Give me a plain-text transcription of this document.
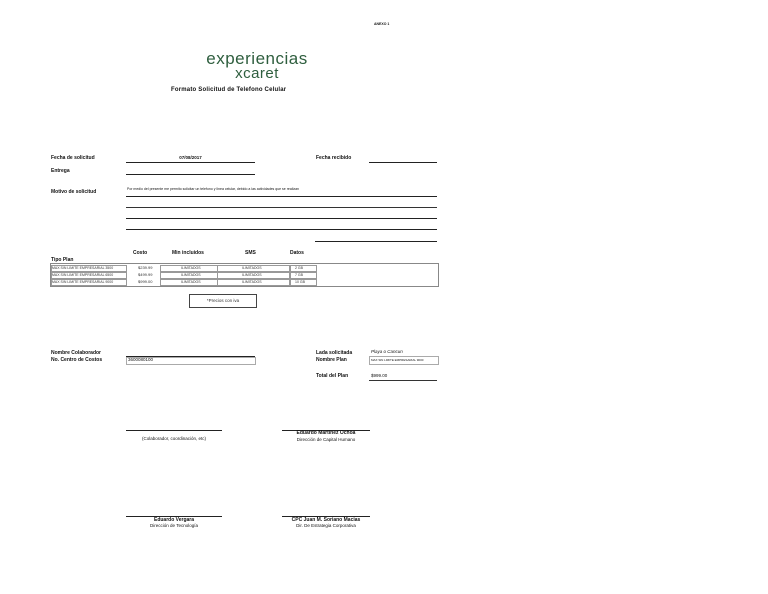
ANEXO 1
experiencias
xcaret
Formato Solicitud de Telefono Celular
Fecha de solicitud	07/08/2017	Fecha recibido
Entrega
Motivo de solicitud	Por medio del presente me permito solicitar un telefono y linea celular, debido a las actividades que se realizan
Costo	Min incluidos	SMS	Datos
Tipo Plan
MAX SIN LIMITE EMPRESARIAL 3500	$239.99	ILIMITADOS	ILIMITADOS	2 GB
MAX SIN LIMITE EMPRESARIAL 6500	$499.99	ILIMITADOS	ILIMITADOS	7 GB
MAX SIN LIMITE EMPRESARIAL 9000	$999.00	ILIMITADOS	ILIMITADOS	10 GB
*Precios con iva
Nombre Colaborador
No. Centro de Costos	3600080100
Lada solicitada	Playa o Cancun
Nombre Plan	MAX SIN LIMITE EMPRESARIAL 9000
Total del Plan	$999.00
(Colaborador, coordinación, etc)
Eduardo Martinez Ochoa
Dirección de Capital Humano
Eduardo Vergara
Dirección de Tecnología
CPC Juan M. Soriano Macias
Dir. De Estrategia Corporativa
